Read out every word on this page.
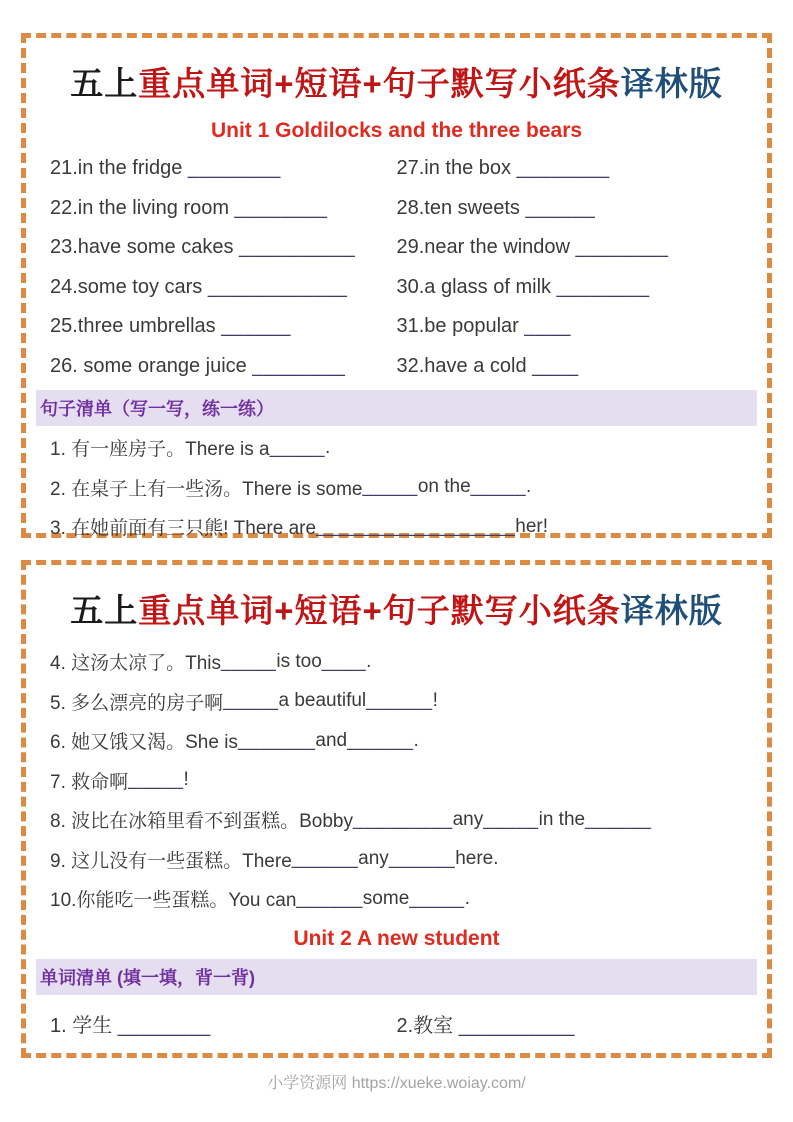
五上重点单词+短语+句子默写小纸条译林版
Unit 1 Goldilocks and the three bears
21.in the fridge ________
22.in the living room ________
23.have some cakes __________
24.some toy cars ____________
25.three umbrellas ______
26. some orange juice ________
27.in the box ________
28.ten sweets ______
29.near the window ________
30.a glass of milk ________
31.be popular ____
32.have a cold ____
句子清单（写一写，练一练）
1. 有一座房子。There is a _____ .
2. 在桌子上有一些汤。There is some _____ on the _____ .
3. 在她前面有三只熊! There are __________________ her!
五上重点单词+短语+句子默写小纸条译林版
4. 这汤太凉了。This _____ is too ____ .
5. 多么漂亮的房子啊 _____ a beautiful ______ !
6. 她又饿又渴。She is _______ and ______ .
7. 救命啊 _____ !
8. 波比在冰箱里看不到蛋糕。Bobby _________ any _____ in the ______
9. 这儿没有一些蛋糕。There ______ any ______ here.
10.你能吃一些蛋糕。You can ______ some _____ .
Unit 2 A new student
单词清单 (填一填，背一背)
1. 学生 ________	2.教室 __________
小学资源网 https://xueke.woiay.com/
